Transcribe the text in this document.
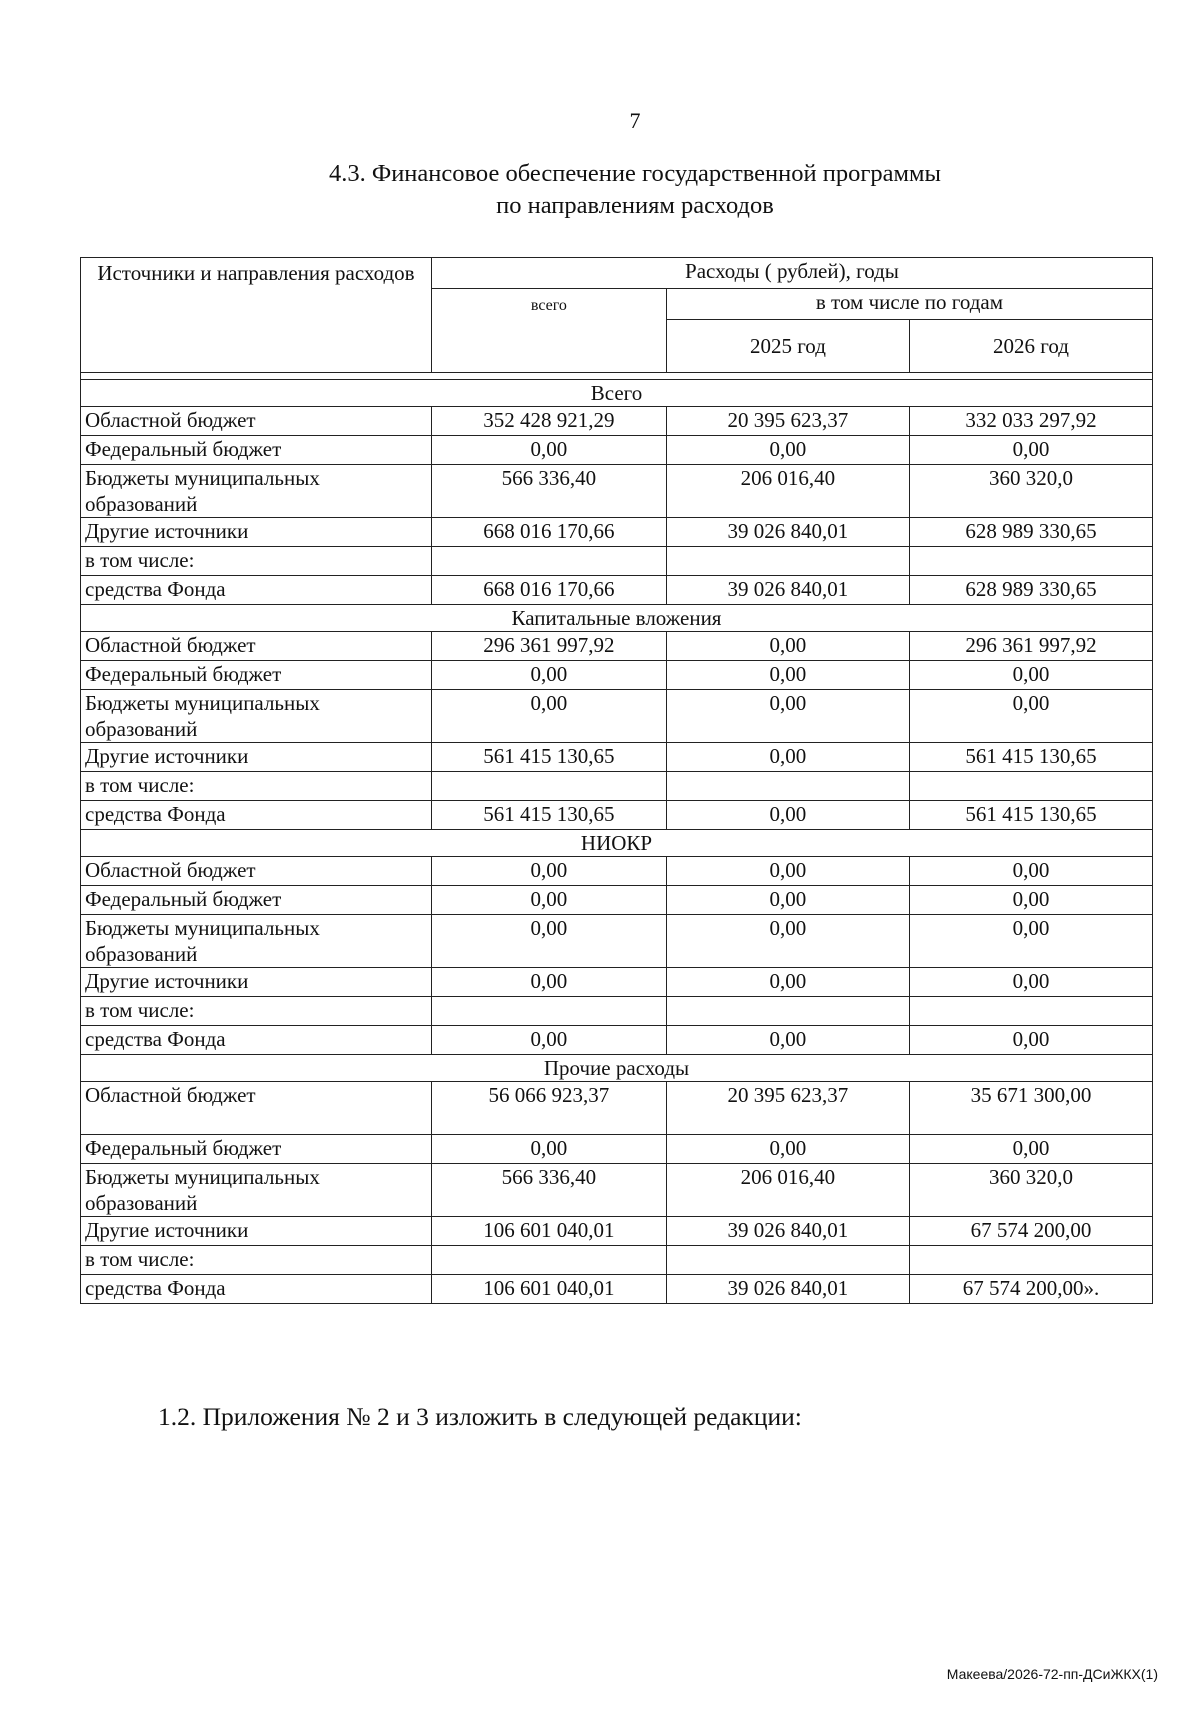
7
4.3. Финансовое обеспечение государственной программы
по направлениям расходов
Источники и направления расходов	Расходы ( рублей), годы		
	всего	в том числе по годам	
		2025 год	2026 год

Всего			
Областной бюджет	352 428 921,29	20 395 623,37	332 033 297,92
Федеральный бюджет	0,00	0,00	0,00
Бюджеты муниципальных образований	566 336,40	206 016,40	360 320,0
Другие источники	668 016 170,66	39 026 840,01	628 989 330,65
в том числе:			
средства Фонда	668 016 170,66	39 026 840,01	628 989 330,65
Капитальные вложения			
Областной бюджет	296 361 997,92	0,00	296 361 997,92
Федеральный бюджет	0,00	0,00	0,00
Бюджеты муниципальных образований	0,00	0,00	0,00
Другие источники	561 415 130,65	0,00	561 415 130,65
в том числе:			
средства Фонда	561 415 130,65	0,00	561 415 130,65
НИОКР			
Областной бюджет	0,00	0,00	0,00
Федеральный бюджет	0,00	0,00	0,00
Бюджеты муниципальных образований	0,00	0,00	0,00
Другие источники	0,00	0,00	0,00
в том числе:			
средства Фонда	0,00	0,00	0,00
Прочие расходы			
Областной бюджет	56 066 923,37	20 395 623,37	35 671 300,00
Федеральный бюджет	0,00	0,00	0,00
Бюджеты муниципальных образований	566 336,40	206 016,40	360 320,0
Другие источники	106 601 040,01	39 026 840,01	67 574 200,00
в том числе:			
средства Фонда	106 601 040,01	39 026 840,01	67 574 200,00».
1.2. Приложения № 2 и 3 изложить в следующей редакции:
Макеева/2026-72-пп-ДСиЖКХ(1)
